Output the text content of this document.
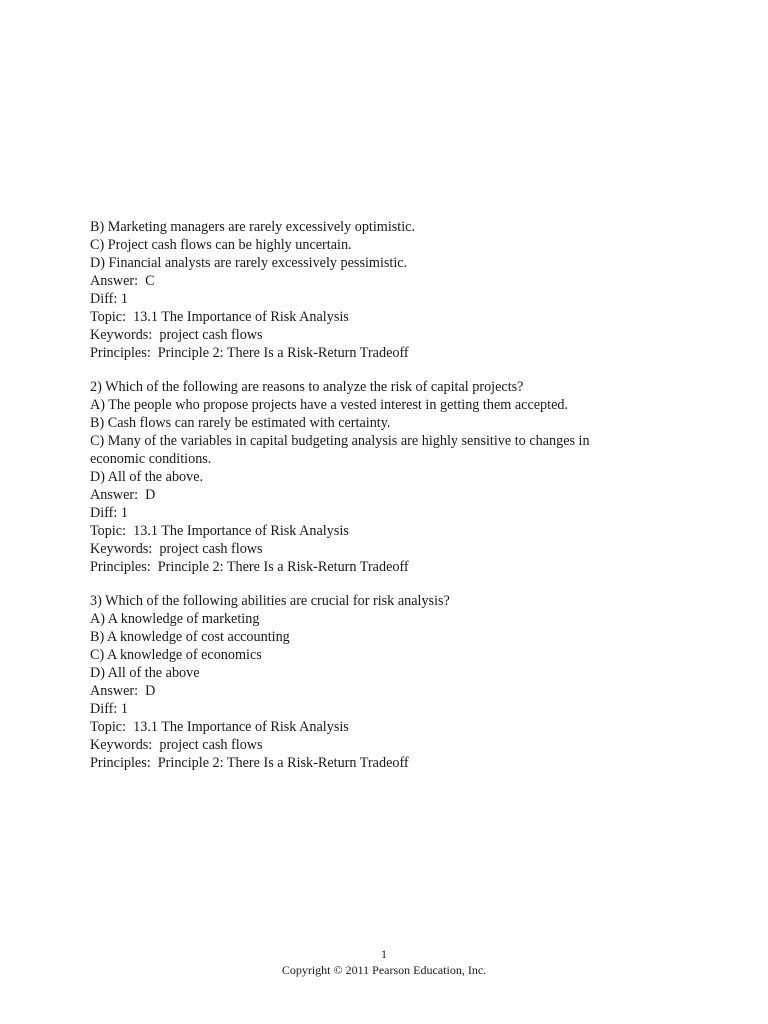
B) Marketing managers are rarely excessively optimistic.
C) Project cash flows can be highly uncertain.
D) Financial analysts are rarely excessively pessimistic.
Answer:  C
Diff: 1
Topic:  13.1 The Importance of Risk Analysis
Keywords:  project cash flows
Principles:  Principle 2: There Is a Risk-Return Tradeoff
2) Which of the following are reasons to analyze the risk of capital projects?
A) The people who propose projects have a vested interest in getting them accepted.
B) Cash flows can rarely be estimated with certainty.
C) Many of the variables in capital budgeting analysis are highly sensitive to changes in
economic conditions.
D) All of the above.
Answer:  D
Diff: 1
Topic:  13.1 The Importance of Risk Analysis
Keywords:  project cash flows
Principles:  Principle 2: There Is a Risk-Return Tradeoff
3) Which of the following abilities are crucial for risk analysis?
A) A knowledge of marketing
B) A knowledge of cost accounting
C) A knowledge of economics
D) All of the above
Answer:  D
Diff: 1
Topic:  13.1 The Importance of Risk Analysis
Keywords:  project cash flows
Principles:  Principle 2: There Is a Risk-Return Tradeoff
1
Copyright © 2011 Pearson Education, Inc.
